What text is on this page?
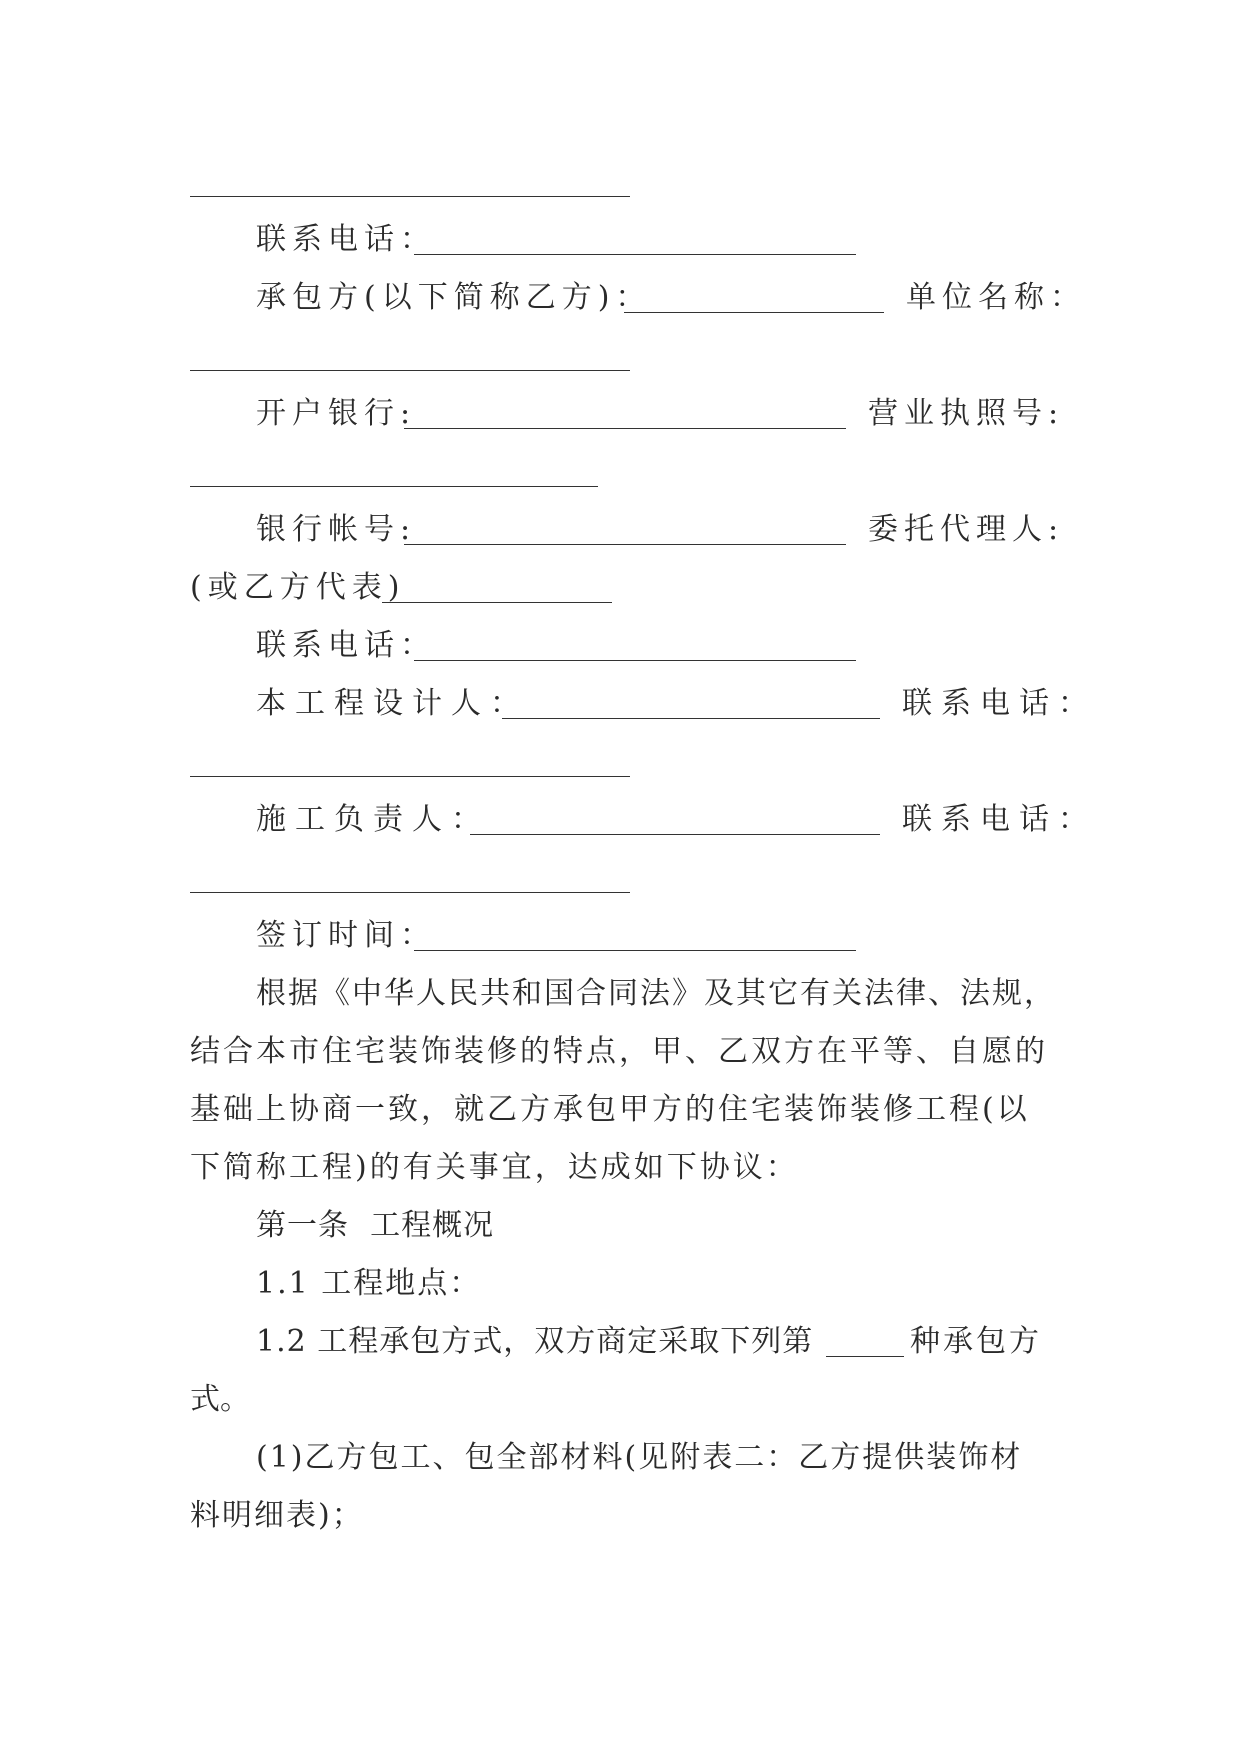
联系电话：
承包方(以下简称乙方)：	单位名称：
开户银行:	营业执照号:
银行帐号:	委托代理人:
(或乙方代表)
联系电话：
本工程设计人：	联系电话：
施工负责人：	联系电话：
签订时间：
根据《中华人民共和国合同法》及其它有关法律、法规，
结合本市住宅装饰装修的特点，甲、乙双方在平等、自愿的
基础上协商一致，就乙方承包甲方的住宅装饰装修工程(以
下简称工程)的有关事宜，达成如下协议：
第一条  工程概况
1.1 工程地点：
1.2 工程承包方式，双方商定采取下列第	种承包方
式。
(1)乙方包工、包全部材料(见附表二：乙方提供装饰材
料明细表)；
